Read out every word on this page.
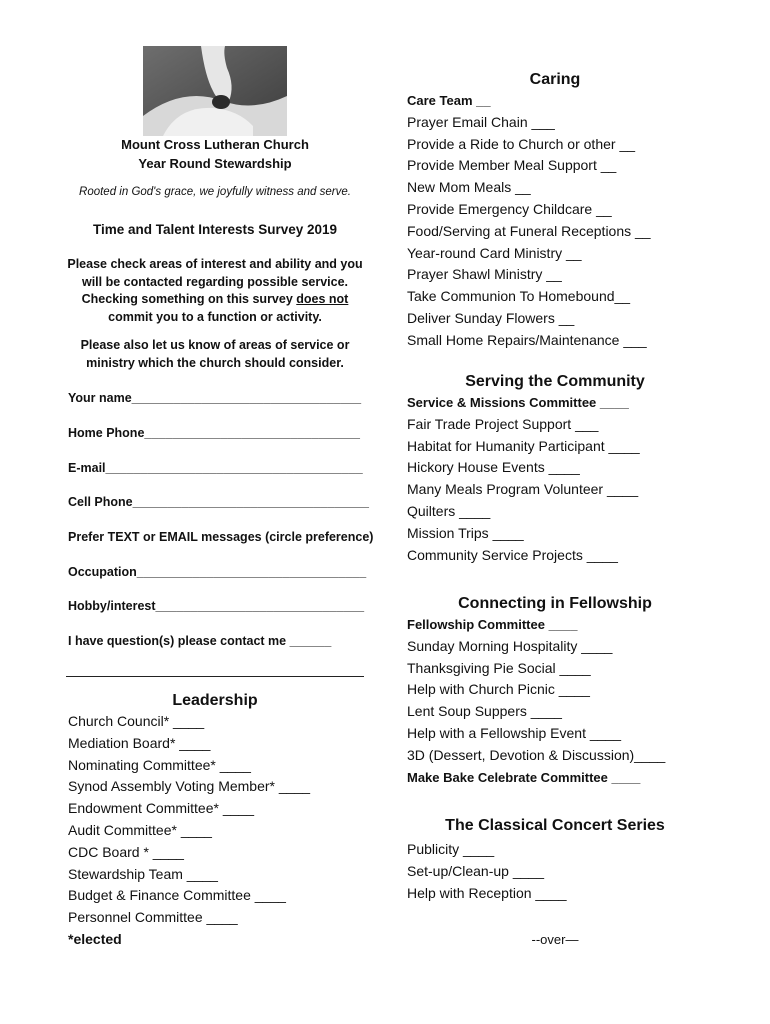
Mount Cross Lutheran Church
Year Round Stewardship
Rooted in God's grace, we joyfully witness and serve.
Time and Talent Interests Survey 2019
Please check areas of interest and ability and you
will be contacted regarding possible service.
Checking something on this survey does not
commit you to a function or activity.
Please also let us know of areas of service or
ministry which the church should consider.
Your name_________________________________
Home Phone_______________________________
E-mail_____________________________________
Cell Phone__________________________________
Prefer TEXT or EMAIL messages (circle preference)
Occupation_________________________________
Hobby/interest______________________________
I have question(s) please contact me ______
Leadership
Church Council* ____
Mediation Board* ____
Nominating Committee* ____
Synod Assembly Voting Member* ____
Endowment Committee* ____
Audit Committee* ____
CDC Board * ____
Stewardship Team ____
Budget & Finance Committee ____
Personnel Committee ____
*elected
Caring
Care Team __
Prayer Email Chain ___
Provide a Ride to Church or other __
Provide Member Meal Support __
New Mom Meals __
Provide Emergency Childcare __
Food/Serving at Funeral Receptions __
Year-round Card Ministry __
Prayer Shawl Ministry __
Take Communion To Homebound__
Deliver Sunday Flowers __
Small Home Repairs/Maintenance ___
Serving the Community
Service & Missions Committee ____
Fair Trade Project Support ___
Habitat for Humanity Participant ____
Hickory House Events ____
Many Meals Program Volunteer ____
Quilters ____
Mission Trips ____
Community Service Projects ____
Connecting in Fellowship
Fellowship Committee ____
Sunday Morning Hospitality ____
Thanksgiving Pie Social ____
Help with Church Picnic ____
Lent Soup Suppers ____
Help with a Fellowship Event ____
3D (Dessert, Devotion & Discussion)____
Make Bake Celebrate Committee ____
The Classical Concert Series
Publicity ____
Set-up/Clean-up ____
Help with Reception ____
--over—
